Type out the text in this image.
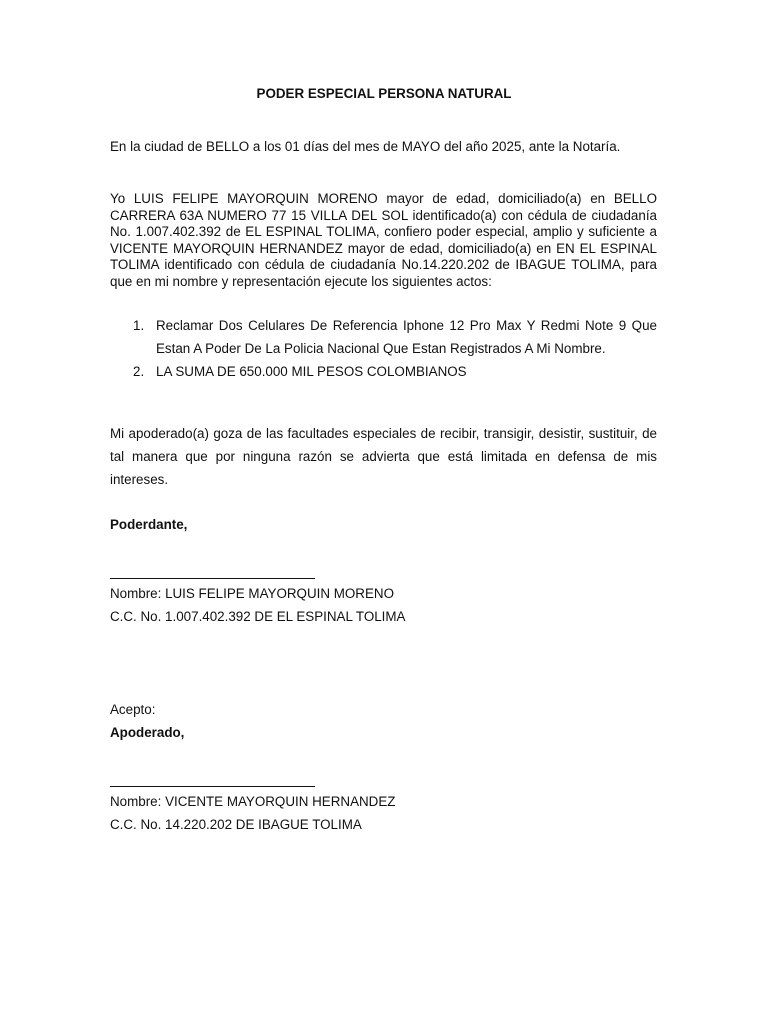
PODER ESPECIAL PERSONA NATURAL
En la ciudad de BELLO a los 01 días del mes de MAYO del año 2025, ante la Notaría.
Yo LUIS FELIPE MAYORQUIN MORENO mayor de edad, domiciliado(a) en BELLO CARRERA 63A NUMERO 77 15 VILLA DEL SOL identificado(a) con cédula de ciudadanía No. 1.007.402.392 de EL ESPINAL TOLIMA, confiero poder especial, amplio y suficiente a VICENTE MAYORQUIN HERNANDEZ mayor de edad, domiciliado(a) en EN EL ESPINAL TOLIMA identificado con cédula de ciudadanía No.14.220.202 de IBAGUE TOLIMA, para que en mi nombre y representación ejecute los siguientes actos:
1. Reclamar Dos Celulares De Referencia Iphone 12 Pro Max Y Redmi Note 9 Que Estan A Poder De La Policia Nacional Que Estan Registrados A Mi Nombre.
2. LA SUMA DE 650.000 MIL PESOS COLOMBIANOS
Mi apoderado(a) goza de las facultades especiales de recibir, transigir, desistir, sustituir, de tal manera que por ninguna razón se advierta que está limitada en defensa de mis intereses.
Poderdante,
Nombre: LUIS FELIPE MAYORQUIN MORENO
C.C. No. 1.007.402.392 DE EL ESPINAL TOLIMA
Acepto:
Apoderado,
Nombre: VICENTE MAYORQUIN HERNANDEZ
C.C. No. 14.220.202 DE IBAGUE TOLIMA
